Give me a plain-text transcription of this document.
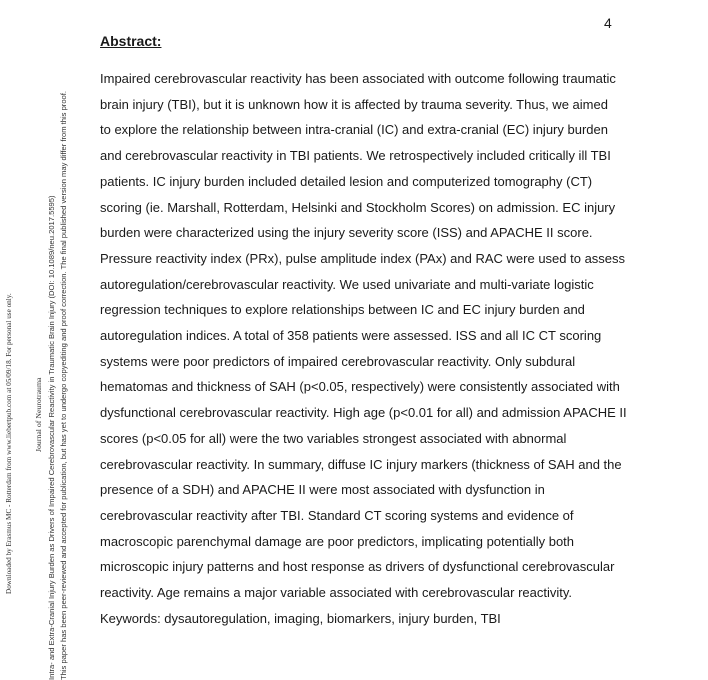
4
Abstract:
Impaired cerebrovascular reactivity has been associated with outcome following traumatic
brain injury (TBI), but it is unknown how it is affected by trauma severity. Thus, we aimed
to explore the relationship between intra-cranial (IC) and extra-cranial (EC) injury burden
and cerebrovascular reactivity in TBI patients. We retrospectively included critically ill TBI
patients. IC injury burden included detailed lesion and computerized tomography (CT)
scoring (ie. Marshall, Rotterdam, Helsinki and Stockholm Scores) on admission. EC injury
burden were characterized using the injury severity score (ISS) and APACHE II score.
Pressure reactivity index (PRx), pulse amplitude index (PAx) and RAC were used to assess
autoregulation/cerebrovascular reactivity. We used univariate and multi-variate logistic
regression techniques to explore relationships between IC and EC injury burden and
autoregulation indices. A total of 358 patients were assessed. ISS and all IC CT scoring
systems were poor predictors of impaired cerebrovascular reactivity. Only subdural
hematomas and thickness of SAH (p<0.05, respectively) were consistently associated with
dysfunctional cerebrovascular reactivity. High age (p<0.01 for all) and admission APACHE II
scores (p<0.05 for all) were the two variables strongest associated with abnormal
cerebrovascular reactivity. In summary, diffuse IC injury markers (thickness of SAH and the
presence of a SDH) and APACHE II were most associated with dysfunction in
cerebrovascular reactivity after TBI. Standard CT scoring systems and evidence of
macroscopic parenchymal damage are poor predictors, implicating potentially both
microscopic injury patterns and host response as drivers of dysfunctional cerebrovascular
reactivity. Age remains a major variable associated with cerebrovascular reactivity.
Keywords: dysautoregulation, imaging, biomarkers, injury burden, TBI
Downloaded by Erasmus MC - Rotterdam from www.liebertpub.com at 05/09/18. For personal use only.	Journal of Neurotrauma Intra- and Extra-Cranial Injury Burden as Drivers of Impaired Cerebrovascular Reactivity in Traumatic Brain Injury (DOI: 10.1089/neu.2017.5595) This paper has been peer-reviewed and accepted for publication, but has yet to undergo copyediting and proof correction. The final published version may differ from this proof.
